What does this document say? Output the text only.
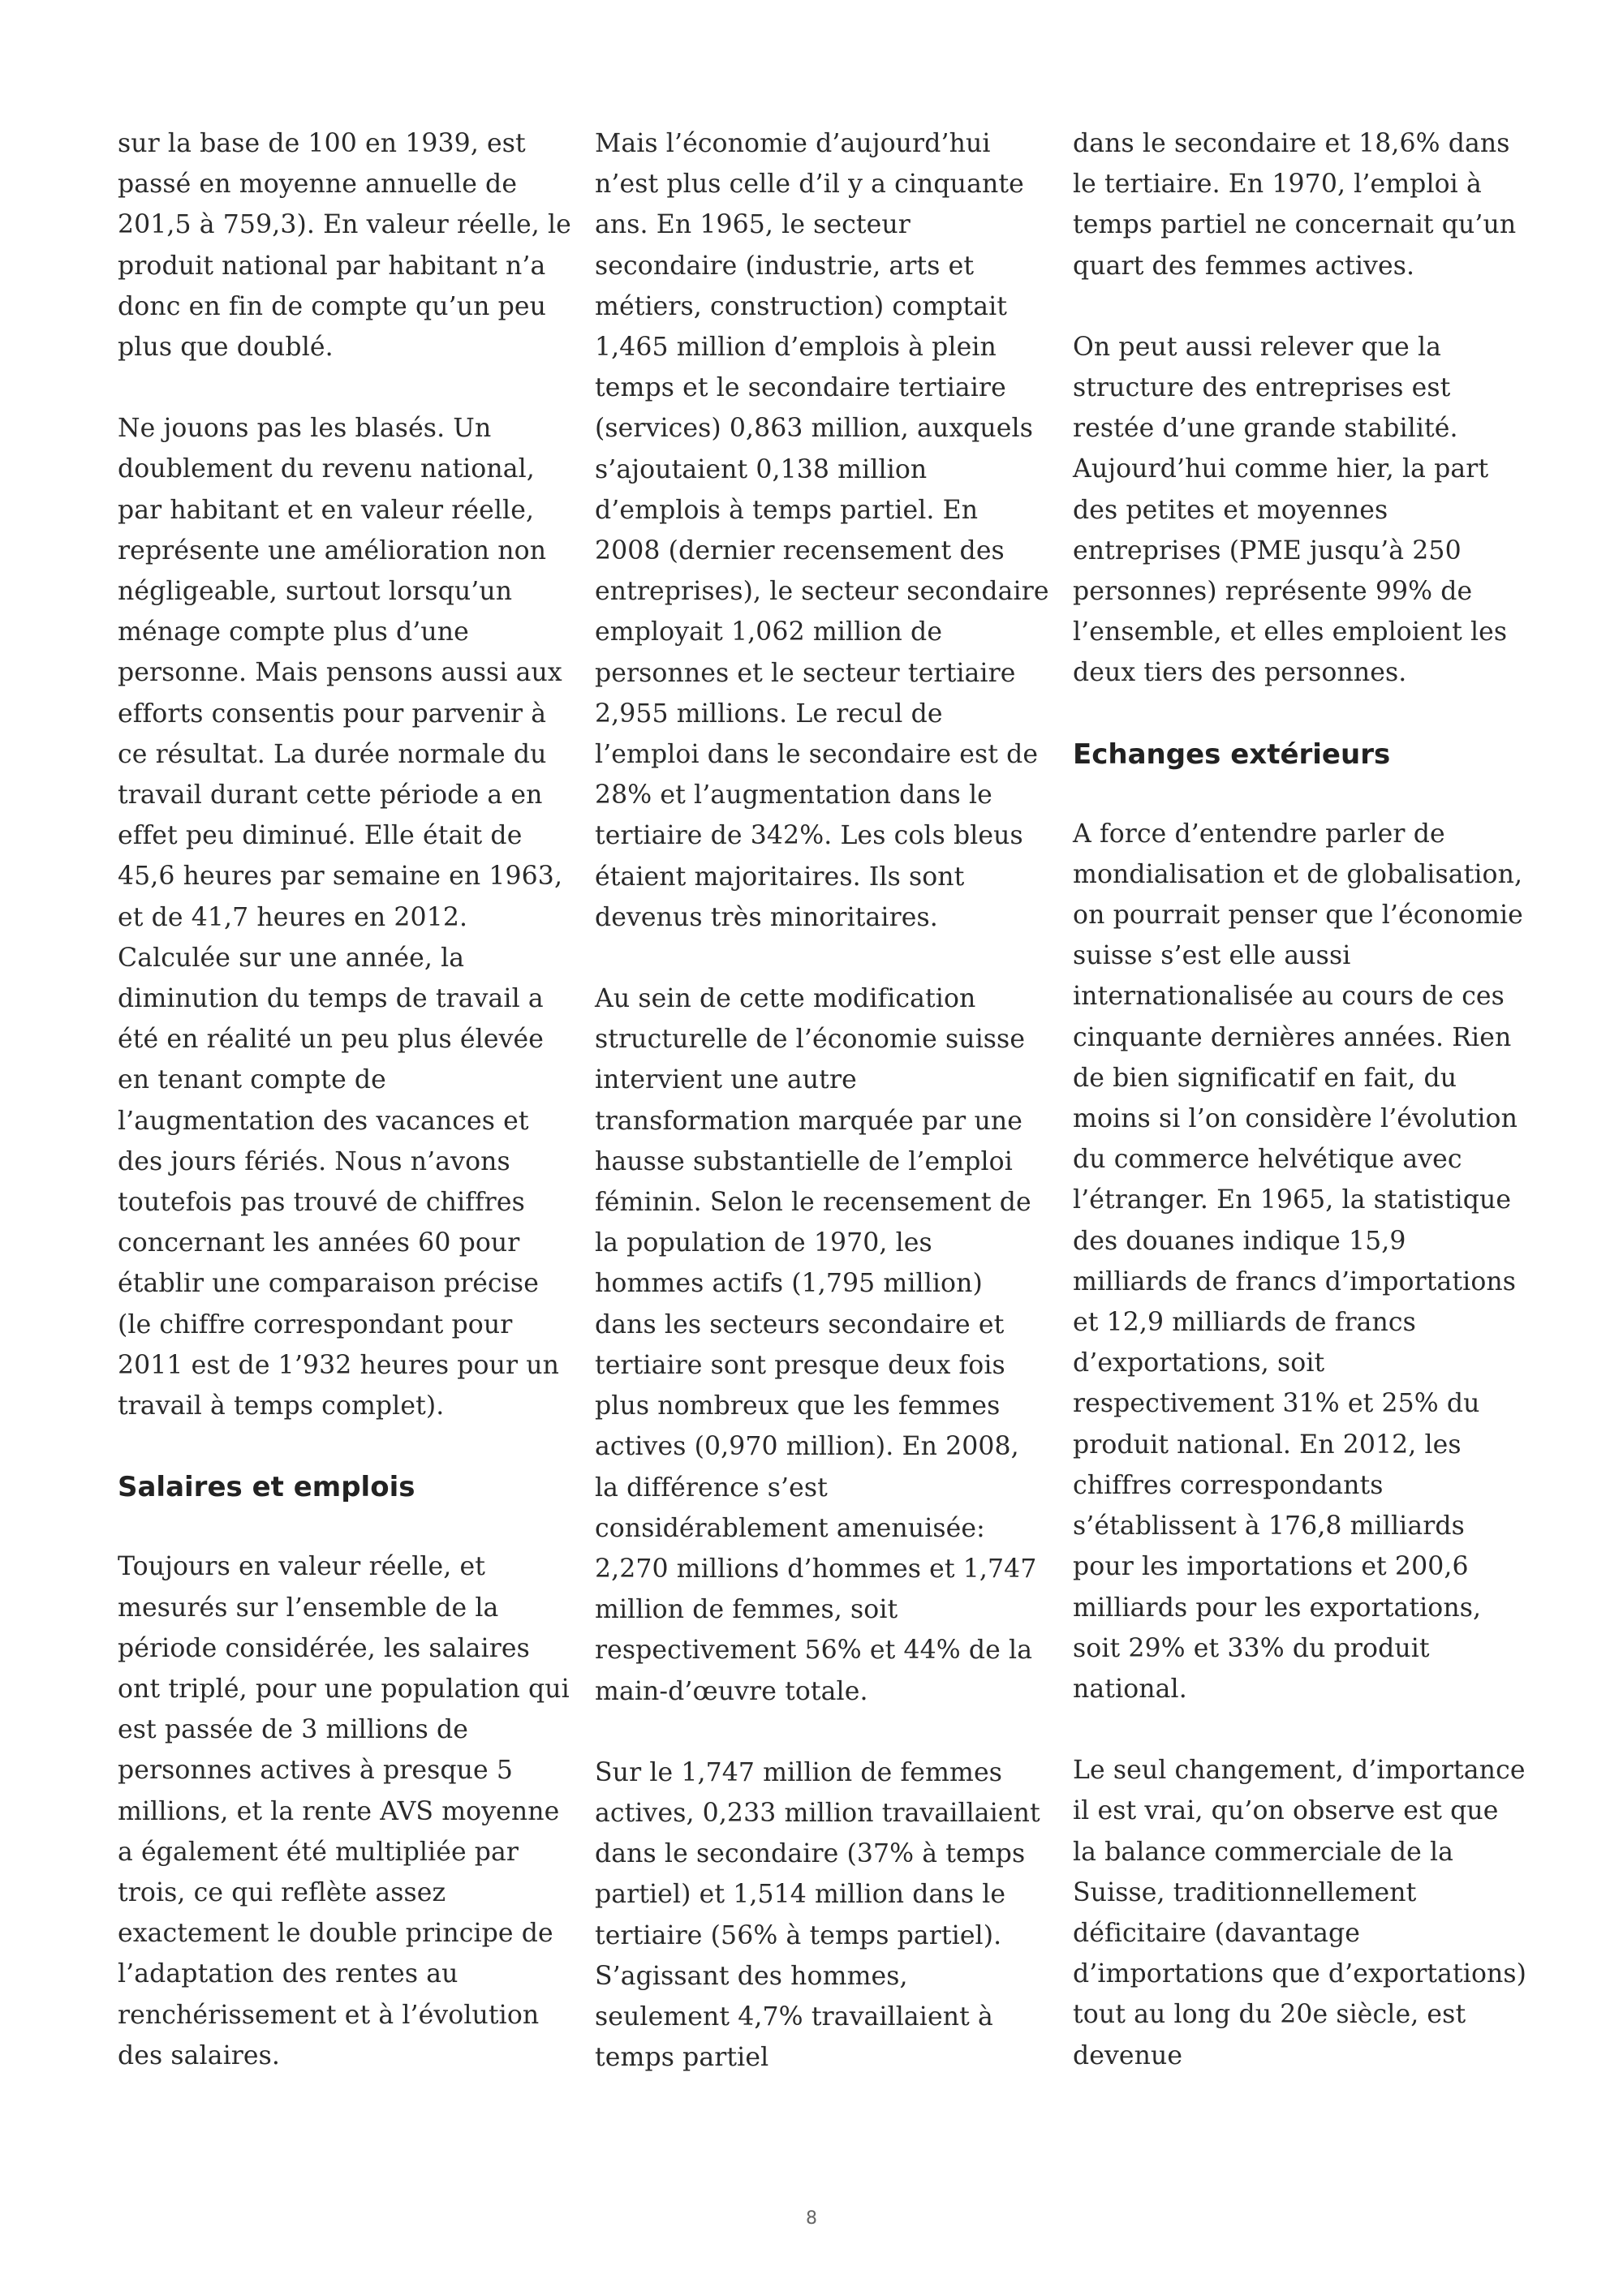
sur la base de 100 en 1939, est passé en moyenne annuelle de 201,5 à 759,3). En valeur réelle, le produit national par habitant n’a donc en fin de compte qu’un peu plus que doublé.

Ne jouons pas les blasés. Un doublement du revenu national, par habitant et en valeur réelle, représente une amélioration non négligeable, surtout lorsqu’un ménage compte plus d’une personne. Mais pensons aussi aux efforts consentis pour parvenir à ce résultat. La durée normale du travail durant cette période a en effet peu diminué. Elle était de 45,6 heures par semaine en 1963, et de 41,7 heures en 2012. Calculée sur une année, la diminution du temps de travail a été en réalité un peu plus élevée en tenant compte de l’augmentation des vacances et des jours fériés. Nous n’avons toutefois pas trouvé de chiffres concernant les années 60 pour établir une comparaison précise (le chiffre correspondant pour 2011 est de 1’932 heures pour un travail à temps complet).

Salaires et emplois

Toujours en valeur réelle, et mesurés sur l’ensemble de la période considérée, les salaires ont triplé, pour une population qui est passée de 3 millions de personnes actives à presque 5 millions, et la rente AVS moyenne a également été multipliée par trois, ce qui reflète assez exactement le double principe de l’adaptation des rentes au renchérissement et à l’évolution des salaires.

Mais l’économie d’aujourd’hui n’est plus celle d’il y a cinquante ans. En 1965, le secteur secondaire (industrie, arts et métiers, construction) comptait 1,465 million d’emplois à plein temps et le secondaire tertiaire (services) 0,863 million, auxquels s’ajoutaient 0,138 million d’emplois à temps partiel. En 2008 (dernier recensement des entreprises), le secteur secondaire employait 1,062 million de personnes et le secteur tertiaire 2,955 millions. Le recul de l’emploi dans le secondaire est de 28% et l’augmentation dans le tertiaire de 342%. Les cols bleus étaient majoritaires. Ils sont devenus très minoritaires.

Au sein de cette modification structurelle de l’économie suisse intervient une autre transformation marquée par une hausse substantielle de l’emploi féminin. Selon le recensement de la population de 1970, les hommes actifs (1,795 million) dans les secteurs secondaire et tertiaire sont presque deux fois plus nombreux que les femmes actives (0,970 million). En 2008, la différence s’est considérablement amenuisée: 2,270 millions d’hommes et 1,747 million de femmes, soit respectivement 56% et 44% de la main-d’œuvre totale.

Sur le 1,747 million de femmes actives, 0,233 million travaillaient dans le secondaire (37% à temps partiel) et 1,514 million dans le tertiaire (56% à temps partiel). S’agissant des hommes, seulement 4,7% travaillaient à temps partiel

dans le secondaire et 18,6% dans le tertiaire. En 1970, l’emploi à temps partiel ne concernait qu’un quart des femmes actives.

On peut aussi relever que la structure des entreprises est restée d’une grande stabilité. Aujourd’hui comme hier, la part des petites et moyennes entreprises (PME jusqu’à 250 personnes) représente 99% de l’ensemble, et elles emploient les deux tiers des personnes.

Echanges extérieurs

A force d’entendre parler de mondialisation et de globalisation, on pourrait penser que l’économie suisse s’est elle aussi internationalisée au cours de ces cinquante dernières années. Rien de bien significatif en fait, du moins si l’on considère l’évolution du commerce helvétique avec l’étranger. En 1965, la statistique des douanes indique 15,9 milliards de francs d’importations et 12,9 milliards de francs d’exportations, soit respectivement 31% et 25% du produit national. En 2012, les chiffres correspondants s’établissent à 176,8 milliards pour les importations et 200,6 milliards pour les exportations, soit 29% et 33% du produit national.

Le seul changement, d’importance il est vrai, qu’on observe est que la balance commerciale de la Suisse, traditionnellement déficitaire (davantage d’importations que d’exportations) tout au long du 20e siècle, est devenue

8
